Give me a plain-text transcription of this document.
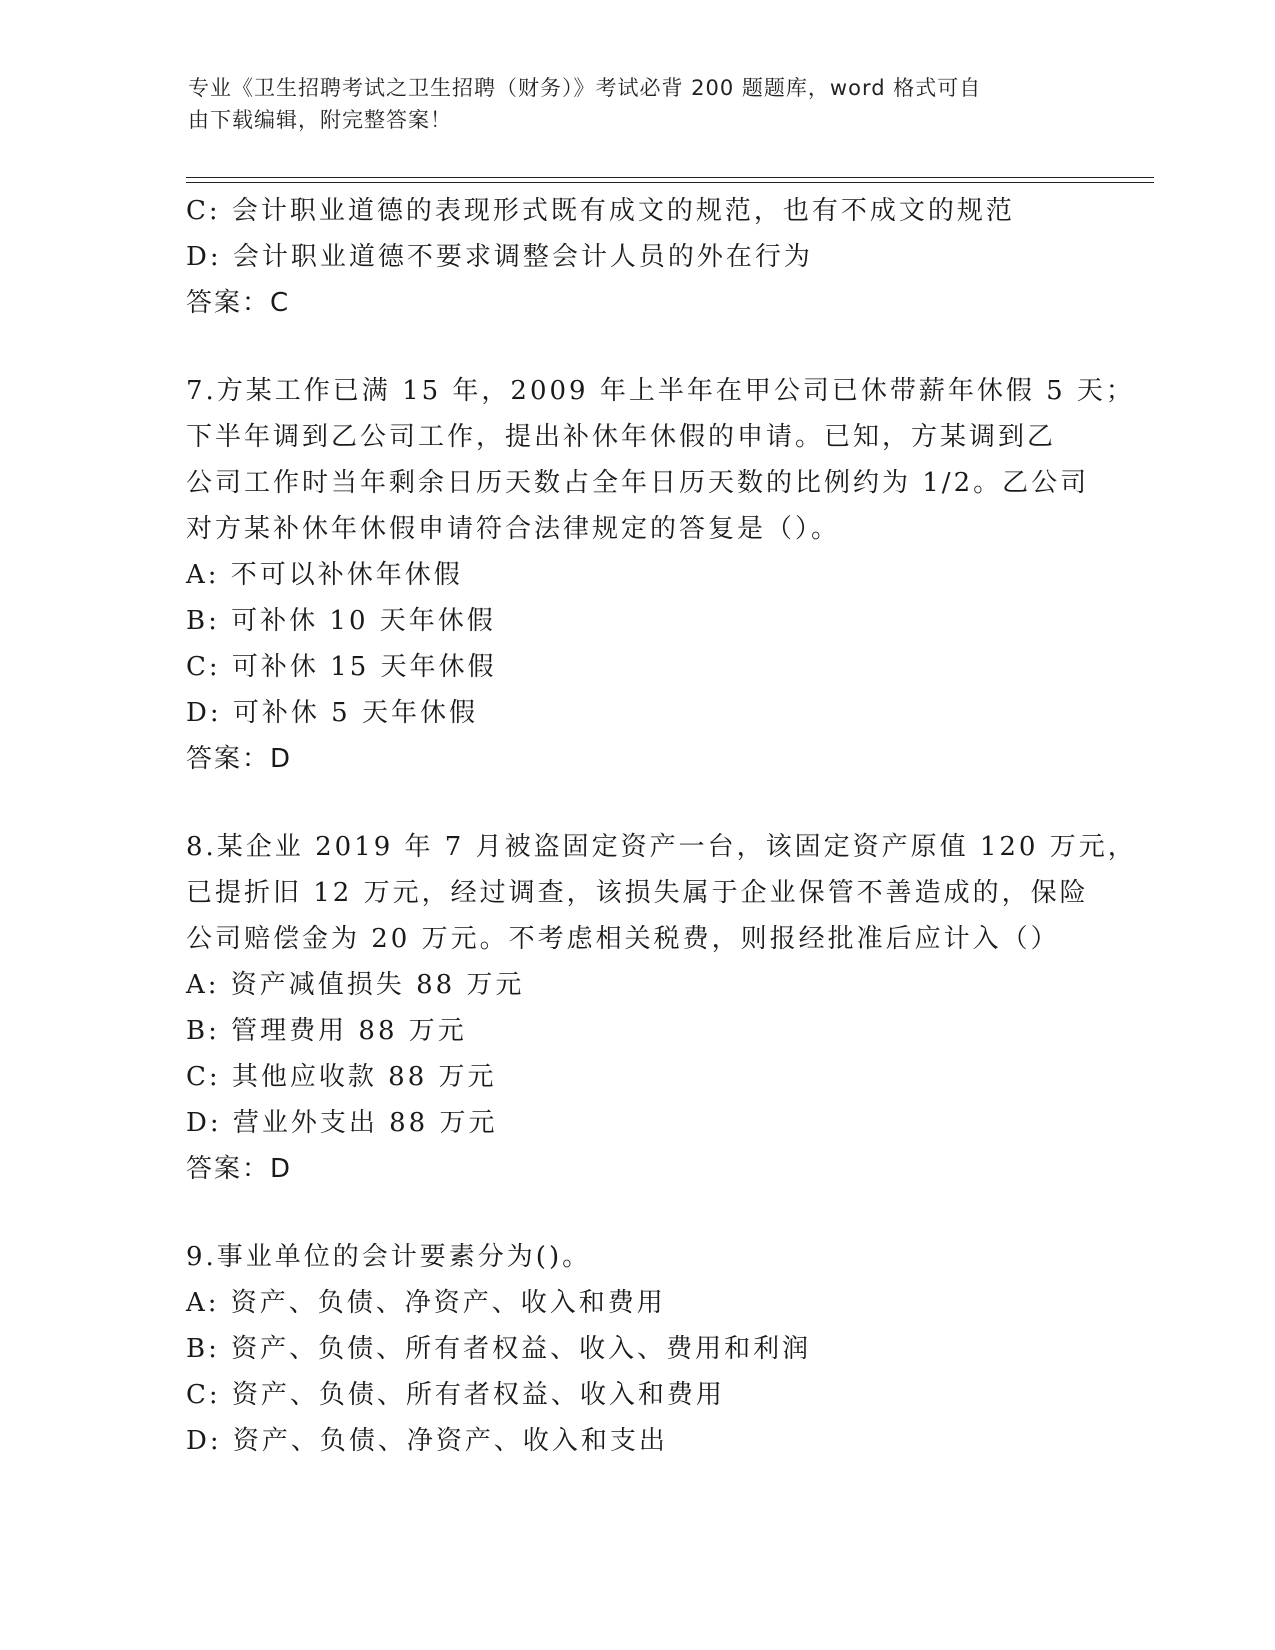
专业《卫生招聘考试之卫生招聘（财务）》考试必背 200 题题库，word 格式可自
由下载编辑，附完整答案！
C: 会计职业道德的表现形式既有成文的规范，也有不成文的规范
D: 会计职业道德不要求调整会计人员的外在行为
答案：C
7.方某工作已满 15 年，2009 年上半年在甲公司已休带薪年休假 5 天；
下半年调到乙公司工作，提出补休年休假的申请。已知，方某调到乙
公司工作时当年剩余日历天数占全年日历天数的比例约为 1/2。乙公司
对方某补休年休假申请符合法律规定的答复是（）。
A: 不可以补休年休假
B: 可补休 10 天年休假
C: 可补休 15 天年休假
D: 可补休 5 天年休假
答案：D
8.某企业 2019 年 7 月被盗固定资产一台，该固定资产原值 120 万元，
已提折旧 12 万元，经过调查，该损失属于企业保管不善造成的，保险
公司赔偿金为 20 万元。不考虑相关税费，则报经批准后应计入（）
A: 资产减值损失 88 万元
B: 管理费用 88 万元
C: 其他应收款 88 万元
D: 营业外支出 88 万元
答案：D
9.事业单位的会计要素分为()。
A: 资产、负债、净资产、收入和费用
B: 资产、负债、所有者权益、收入、费用和利润
C: 资产、负债、所有者权益、收入和费用
D: 资产、负债、净资产、收入和支出
